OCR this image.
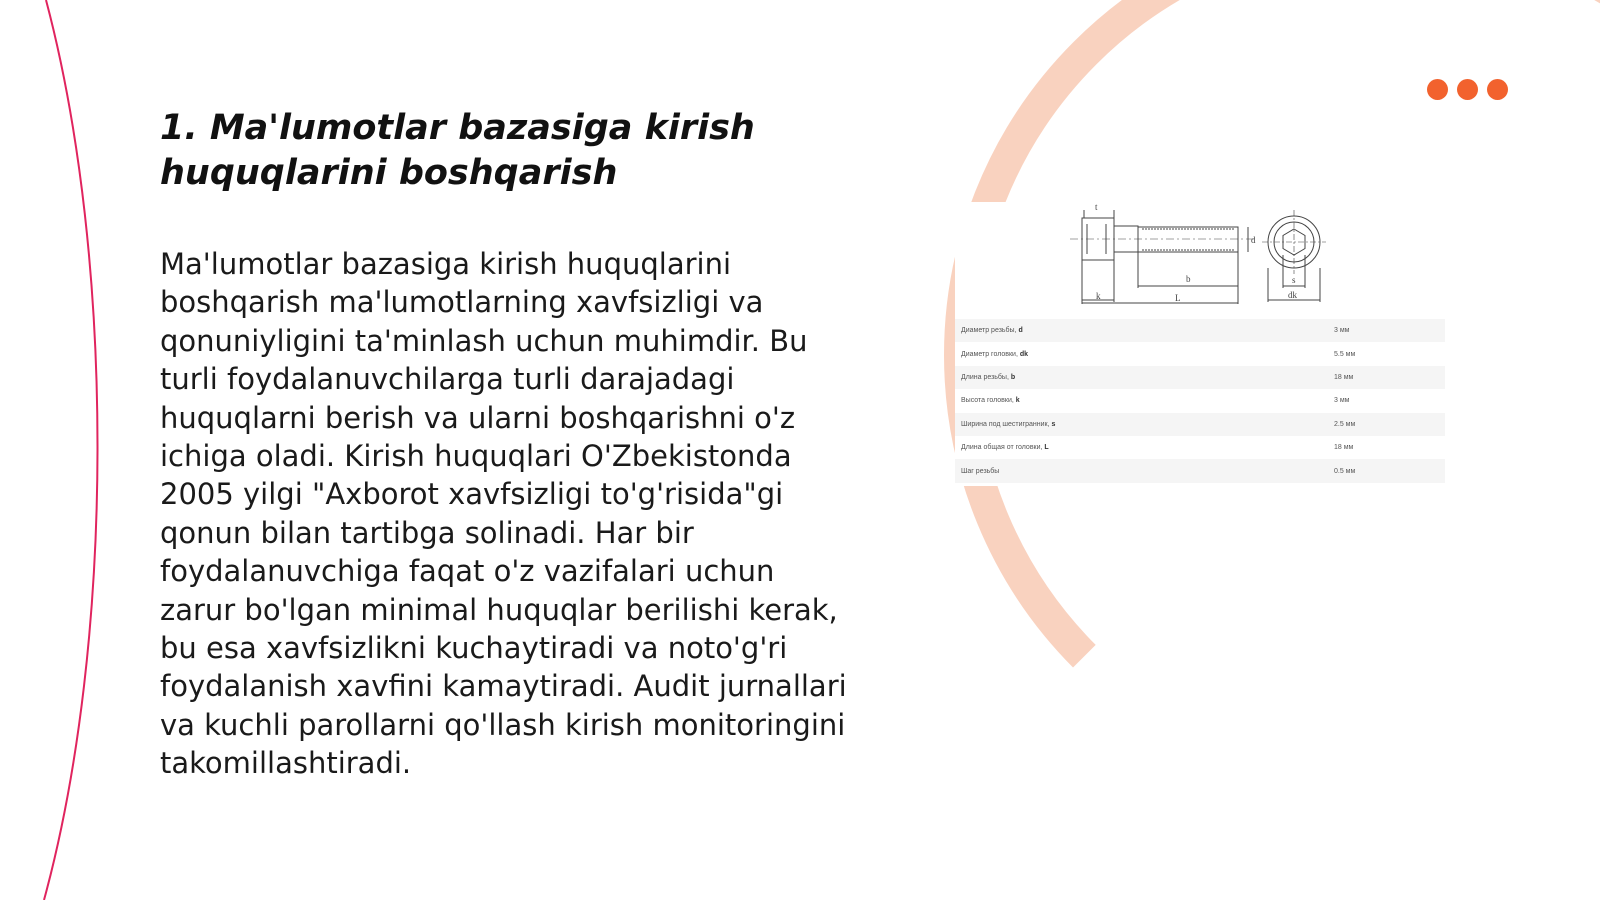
1. Ma'lumotlar bazasiga kirish huquqlarini boshqarish

Ma'lumotlar bazasiga kirish huquqlarini boshqarish ma'lumotlarning xavfsizligi va qonuniyligini ta'minlash uchun muhimdir. Bu turli foydalanuvchilarga turli darajadagi huquqlarni berish va ularni boshqarishni o'z ichiga oladi. Kirish huquqlari O'Zbekistonda 2005 yilgi "Axborot xavfsizligi to'g'risida"gi qonun bilan tartibga solinadi. Har bir foydalanuvchiga faqat o'z vazifalari uchun zarur bo'lgan minimal huquqlar berilishi kerak, bu esa xavfsizlikni kuchaytiradi va noto'g'ri foydalanish xavfini kamaytiradi. Audit jurnallari va kuchli parollarni qo'llash kirish monitoringini takomillashtiradi.

t
d
b
k	L
s
dk
Диаметр резьбы, d	3 мм
Диаметр головки, dk	5.5 мм
Длина резьбы, b	18 мм
Высота головки, k	3 мм
Ширина под шестигранник, s	2.5 мм
Длина общая от головки, L	18 мм
Шаг резьбы	0.5 мм
